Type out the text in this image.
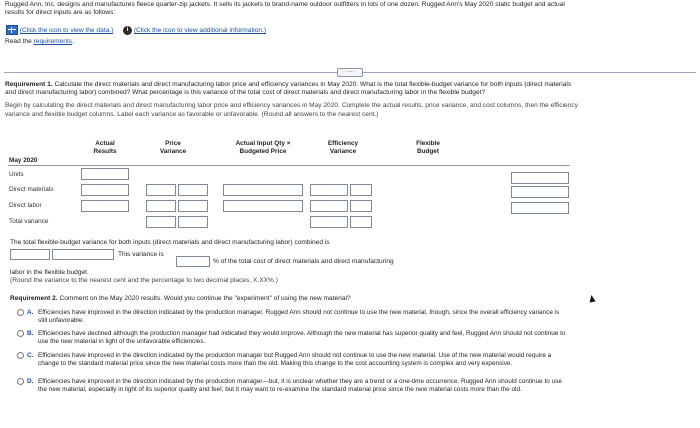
Rugged Ann, Inc. designs and manufactures fleece quarter-zip jackets. It sells its jackets to brand-name outdoor outfitters in lots of one dozen. Rugged Ann's May 2020 static budget and actual
results for direct inputs are as follows:
(Click the icon to view the data.) i (Click the icon to view additional information.)
Read the requirements.
·····
Requirement 1. Calculate the direct materials and direct manufacturing labor price and efficiency variances in May 2020. What is the total flexible-budget variance for both inputs (direct materials
and direct manufacturing labor) combined? What percentage is this variance of the total cost of direct materials and direct manufacturing labor in the flexible budget?
Begin by calculating the direct materials and direct manufacturing labor price and efficiency variances in May 2020. Complete the actual results, price variance, and cost columns, then the efficiency
variance and flexible budget columns. Label each variance as favorable or unfavorable. (Round all answers to the nearest cent.)
Actual
Results
Price
Variance
Actual Input Qty ×
Budgeted Price
Efficiency
Variance
Flexible
Budget
May 2020
Units
Direct materials
Direct labor
Total variance
The total flexible-budget variance for both inputs (direct materials and direct manufacturing labor) combined is
This variance is
% of the total cost of direct materials and direct manufacturing
labor in the flexible budget.
(Round the variance to the nearest cent and the percentage to two decimal places, X.XX%.)
Requirement 2. Comment on the May 2020 results. Would you continue the "experiment" of using the new material?
A. Efficiencies have improved in the direction indicated by the production manager. Rugged Ann should not continue to use the new material, though, since the overall efficiency variance is
still unfavorable.
B. Efficiencies have declined although the production manager had indicated they would improve. Although the new material has superior quality and feel, Rugged Ann should not continue to
use the new material in light of the unfavorable efficiencies.
C. Efficiencies have improved in the direction indicated by the production manager but Rugged Ann should not continue to use the new material. Use of the new material would require a
change to the standard material price since the new material costs more than the old. Making this change to the cost accounting system is complex and very expensive.
D. Efficiencies have improved in the direction indicated by the production manager—but, it is unclear whether they are a trend or a one-time occurrence. Rugged Ann should continue to use
the new material, especially in light of its superior quality and feel; but it may want to re-examine the standard material price since the new material costs more than the old.
